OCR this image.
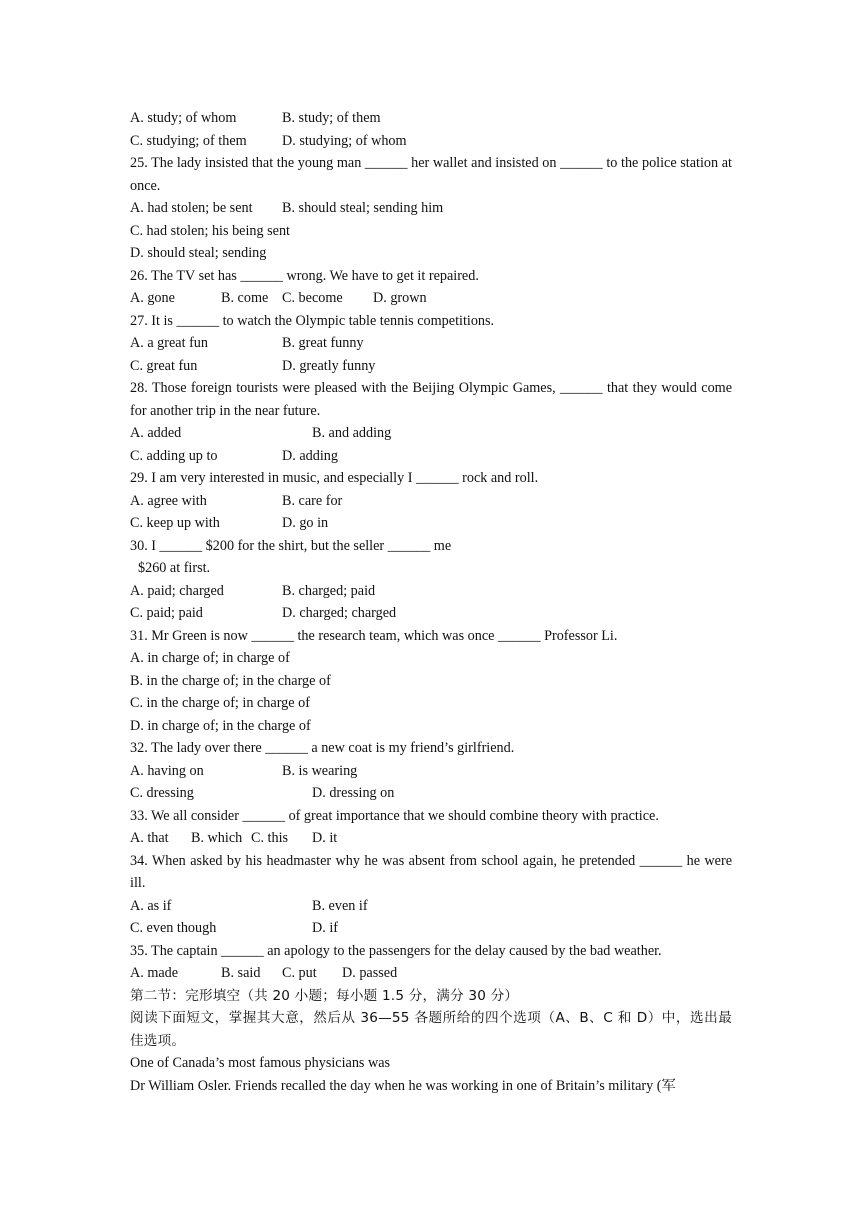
A. study; of whom	B. study; of them
C. studying; of them D. studying; of whom
25. The lady insisted that the young man ______ her wallet and insisted on ______ to the police station at once.
A. had stolen; be sent B. should steal; sending him
C. had stolen; his being sent
D. should steal; sending
26. The TV set has ______ wrong. We have to get it repaired.
A. gone	B. come C. become D. grown
27. It is ______ to watch the Olympic table tennis competitions.
A. a great fun	B. great funny
C. great fun	D. greatly funny
28. Those foreign tourists were pleased with the Beijing Olympic Games, ______ that they would come for another trip in the near future.
A. added	B. and adding
C. adding up to	D. adding
29. I am very interested in music, and especially I ______ rock and roll.
A. agree with	B. care for
C. keep up with	D. go in
30. I ______ $200 for the shirt, but the seller ______ me
$260 at first.
A. paid; charged	B. charged; paid
C. paid; paid	D. charged; charged
31. Mr Green is now ______ the research team, which was once ______ Professor Li.
A. in charge of; in charge of
B. in the charge of; in the charge of
C. in the charge of; in charge of
D. in charge of; in the charge of
32. The lady over there ______ a new coat is my friend’s girlfriend.
A. having on	B. is wearing
C. dressing	D. dressing on
33. We all consider ______ of great importance that we should combine theory with practice.
A. that B. which C. this D. it
34. When asked by his headmaster why he was absent from school again, he pretended ______ he were ill.
A. as if	B. even if
C. even though	D. if
35. The captain ______ an apology to the passengers for the delay caused by the bad weather.
A. made	B. said C. put D. passed
第二节：完形填空（共 20 小题；每小题 1.5 分，满分 30 分）
阅读下面短文，掌握其大意，然后从 36—55 各题所给的四个选项（A、B、C 和 D）中，选出最佳选项。
One of Canada’s most famous physicians was
Dr William Osler. Friends recalled the day when he was working in one of Britain’s military (军
